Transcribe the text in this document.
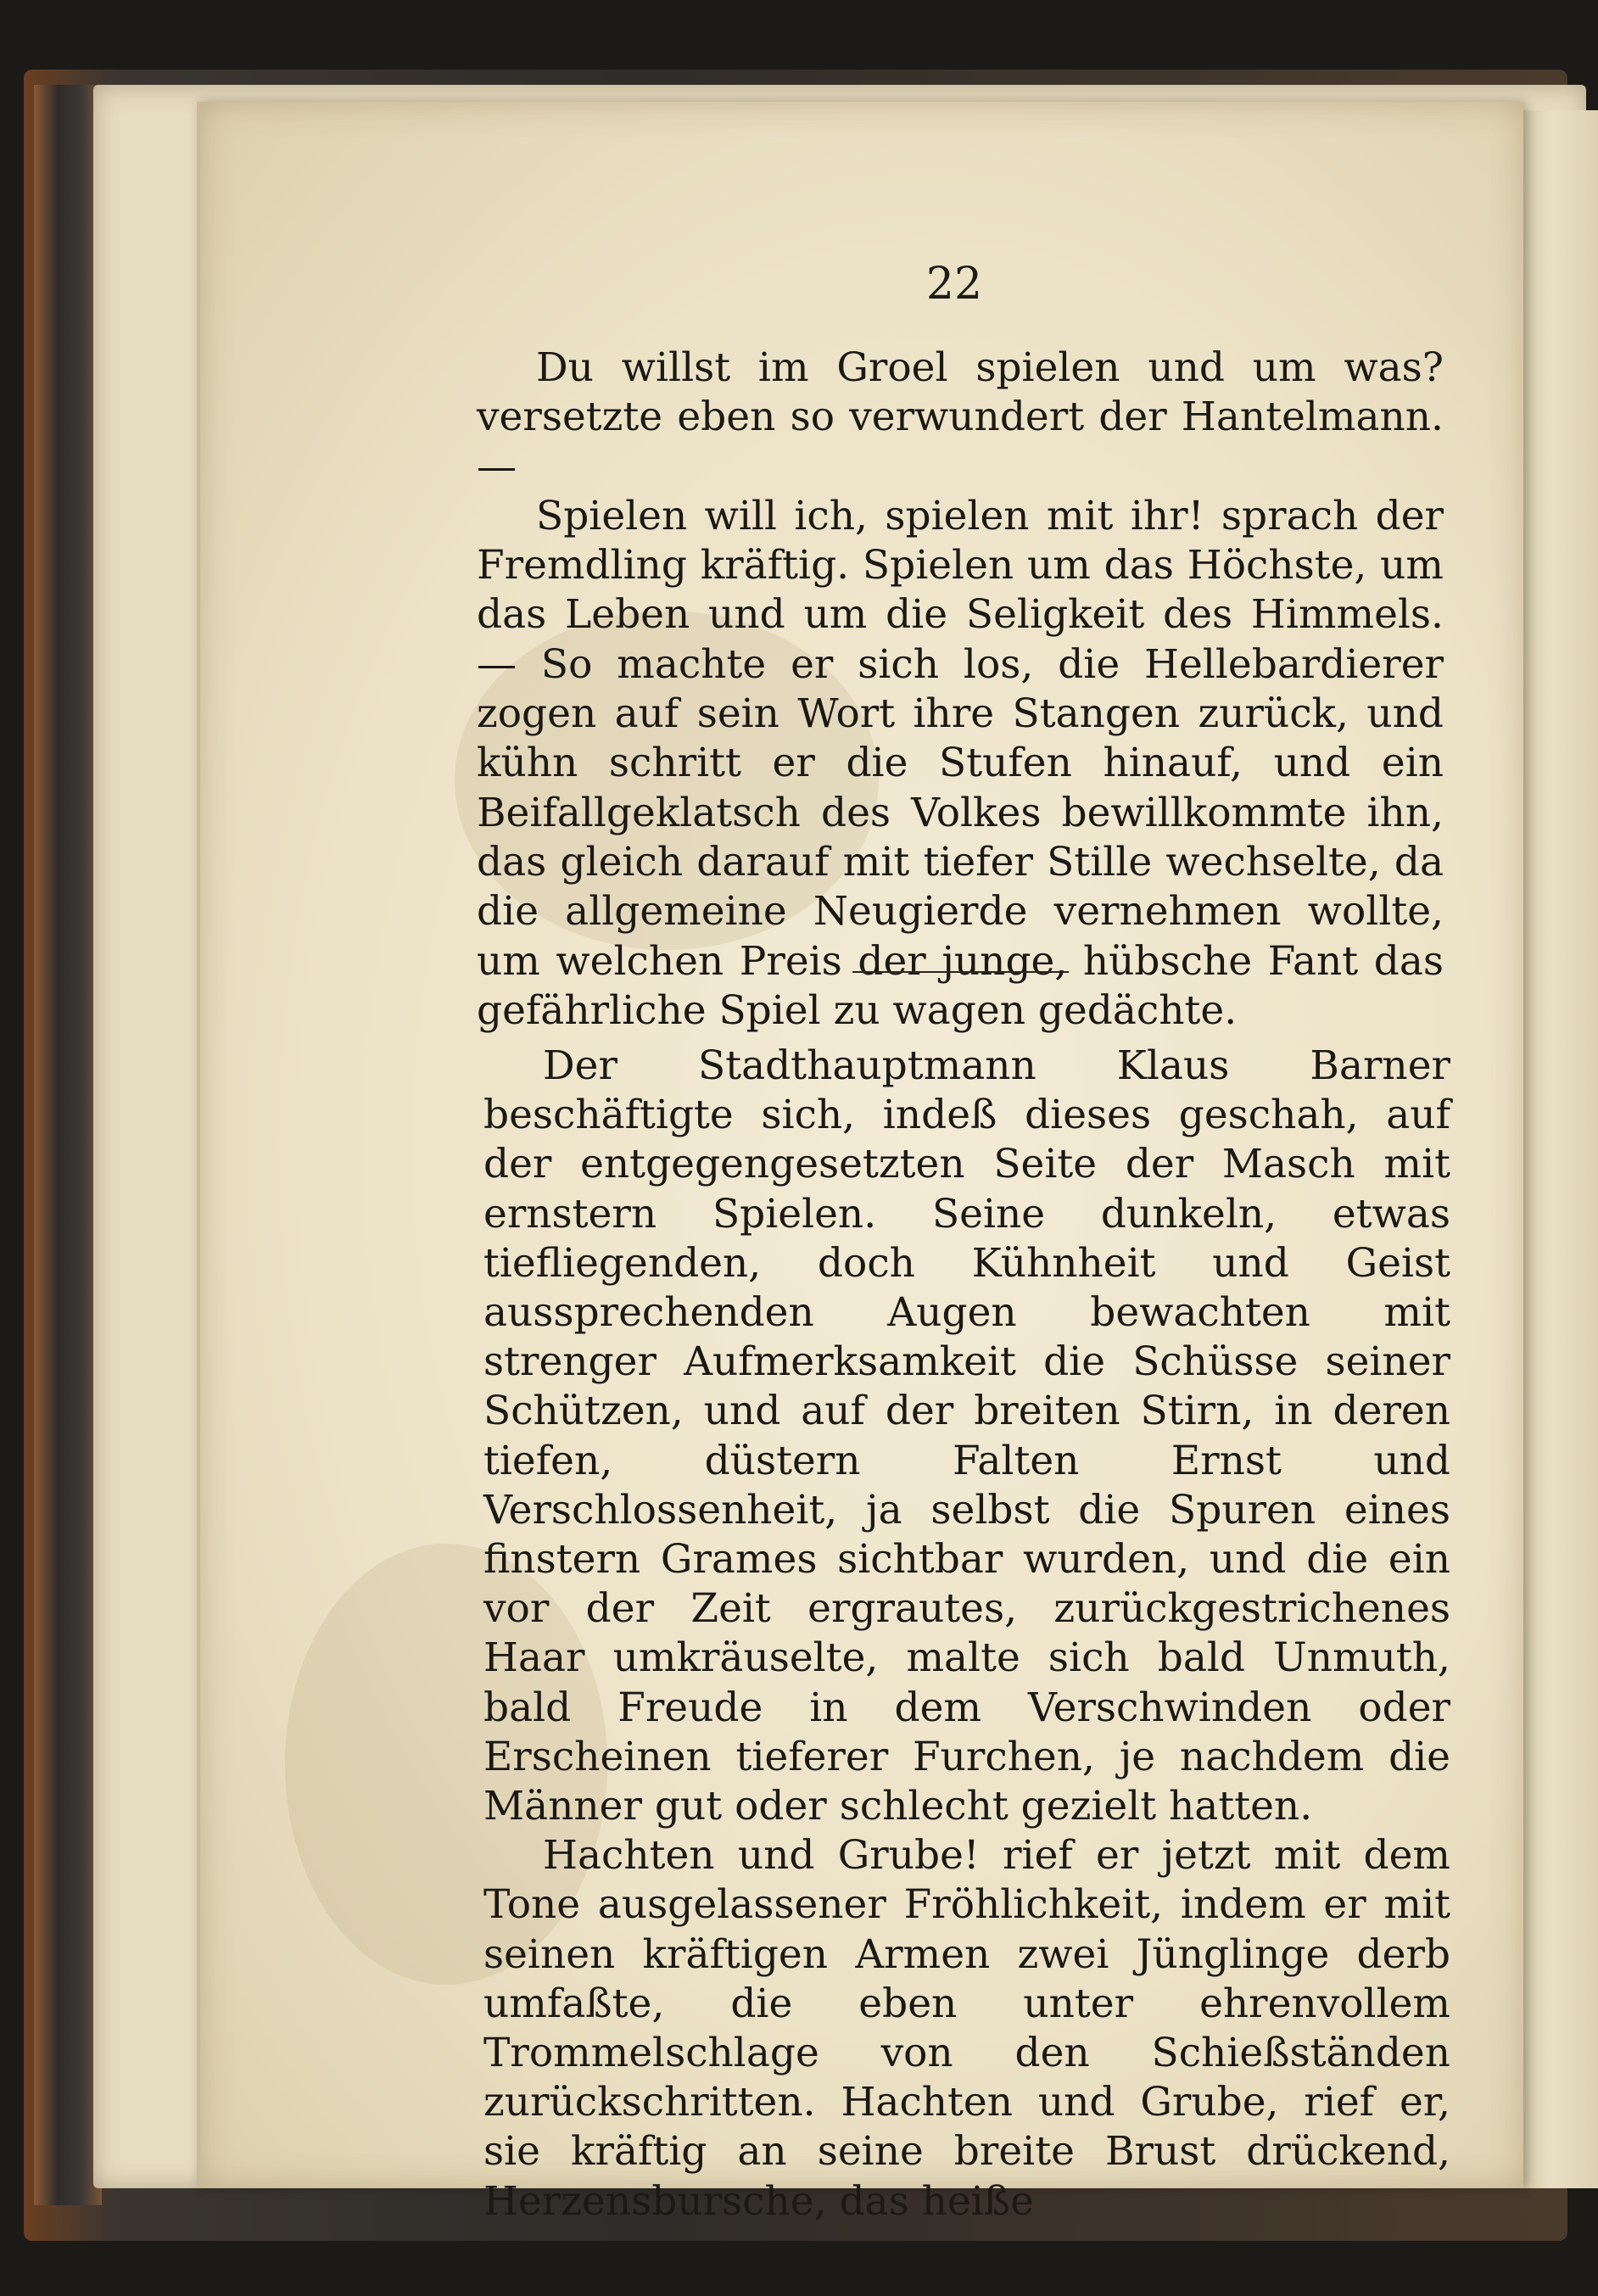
22

Du willst im Groel spielen und um was? versetzte eben so verwundert der Hantelmann. —

Spielen will ich, spielen mit ihr! sprach der Fremdling kräftig. Spielen um das Höchste, um das Leben und um die Seligkeit des Himmels. — So machte er sich los, die Hellebardierer zogen auf sein Wort ihre Stangen zurück, und kühn schritt er die Stufen hinauf, und ein Beifallgeklatsch des Volkes bewillkommte ihn, das gleich darauf mit tiefer Stille wechselte, da die allgemeine Neugierde vernehmen wollte, um welchen Preis der junge, hübsche Fant das gefährliche Spiel zu wagen gedächte.

Der Stadthauptmann Klaus Barner beschäftigte sich, indeß dieses geschah, auf der entgegengesetzten Seite der Masch mit ernstern Spielen. Seine dunkeln, etwas tiefliegenden, doch Kühnheit und Geist aussprechenden Augen bewachten mit strenger Aufmerksamkeit die Schüsse seiner Schützen, und auf der breiten Stirn, in deren tiefen, düstern Falten Ernst und Verschlossenheit, ja selbst die Spuren eines finstern Grames sichtbar wurden, und die ein vor der Zeit ergrautes, zurückgestrichenes Haar umkräuselte, malte sich bald Unmuth, bald Freude in dem Verschwinden oder Erscheinen tieferer Furchen, je nachdem die Männer gut oder schlecht gezielt hatten.

Hachten und Grube! rief er jetzt mit dem Tone ausgelassener Fröhlichkeit, indem er mit seinen kräftigen Armen zwei Jünglinge derb umfaßte, die eben unter ehrenvollem Trommelschlage von den Schießständen zurückschritten. Hachten und Grube, rief er, sie kräftig an seine breite Brust drückend, Herzensbursche, das heiße
